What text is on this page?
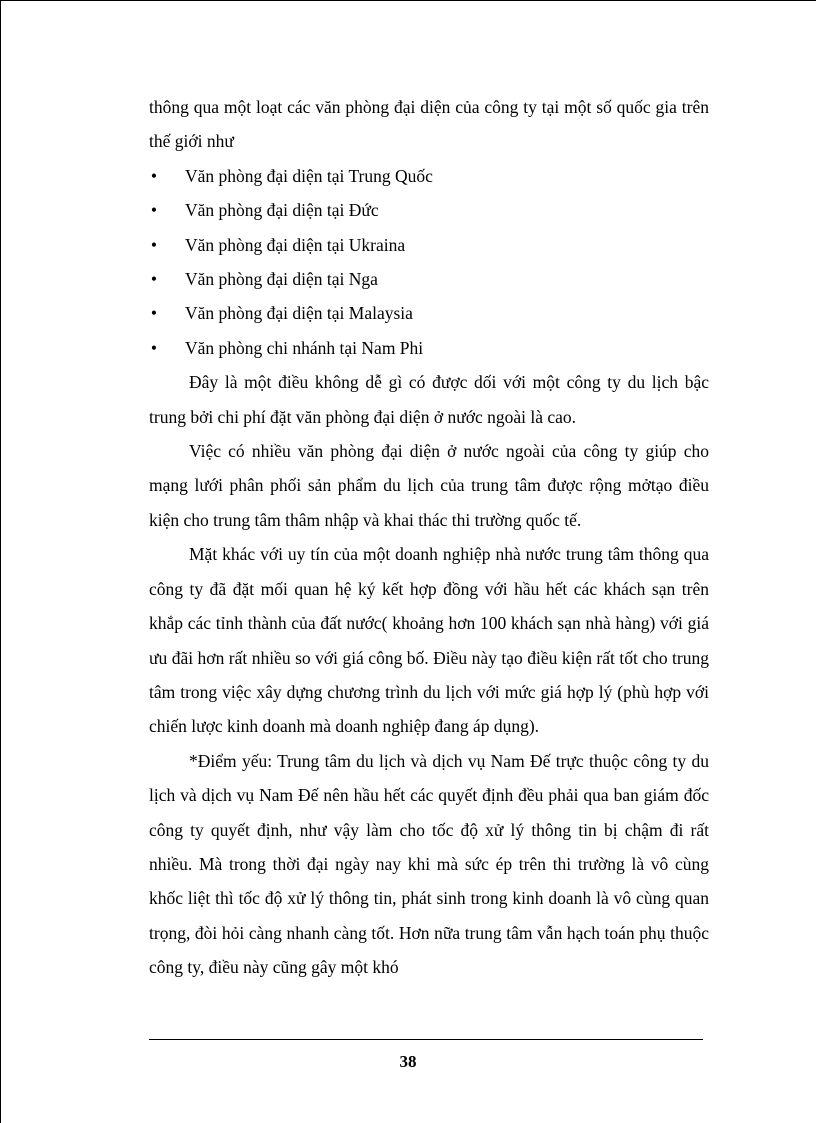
thông qua một loạt các văn phòng đại diện của công ty tại một số quốc gia trên thế giới như

• Văn phòng đại diện tại Trung Quốc
• Văn phòng đại diện tại Đức
• Văn phòng đại diện tại Ukraina
• Văn phòng đại diện tại Nga
• Văn phòng đại diện tại Malaysia
• Văn phòng chi nhánh tại Nam Phi

Đây là một điều không dễ gì có được dối với một công ty du lịch bậc trung bởi chi phí đặt văn phòng đại diện ở nước ngoài là cao.

Việc có nhiều văn phòng đại diện ở nước ngoài của công ty giúp cho mạng lưới phân phối sản phẩm du lịch của trung tâm được rộng mởtạo điều kiện cho trung tâm thâm nhập và khai thác thi trường quốc tế.

Mặt khác với uy tín của một doanh nghiệp nhà nước trung tâm thông qua công ty đã đặt mối quan hệ ký kết hợp đồng với hầu hết các khách sạn trên khắp các tỉnh thành của đất nước( khoảng hơn 100 khách sạn nhà hàng) với giá ưu đãi hơn rất nhiều so với giá công bố. Điều này tạo điều kiện rất tốt cho trung tâm trong việc xây dựng chương trình du lịch với mức giá hợp lý (phù hợp với chiến lược kinh doanh mà doanh nghiệp đang áp dụng).

*Điểm yếu: Trung tâm du lịch và dịch vụ Nam Đế trực thuộc công ty du lịch và dịch vụ Nam Đế nên hầu hết các quyết định đều phải qua ban giám đốc công ty quyết định, như vậy làm cho tốc độ xử lý thông tin bị chậm đi rất nhiều. Mà trong thời đại ngày nay khi mà sức ép trên thi trường là vô cùng khốc liệt thì tốc độ xử lý thông tin, phát sinh trong kinh doanh là vô cùng quan trọng, đòi hỏi càng nhanh càng tốt. Hơn nữa trung tâm vẫn hạch toán phụ thuộc công ty, điều này cũng gây một khó

38
